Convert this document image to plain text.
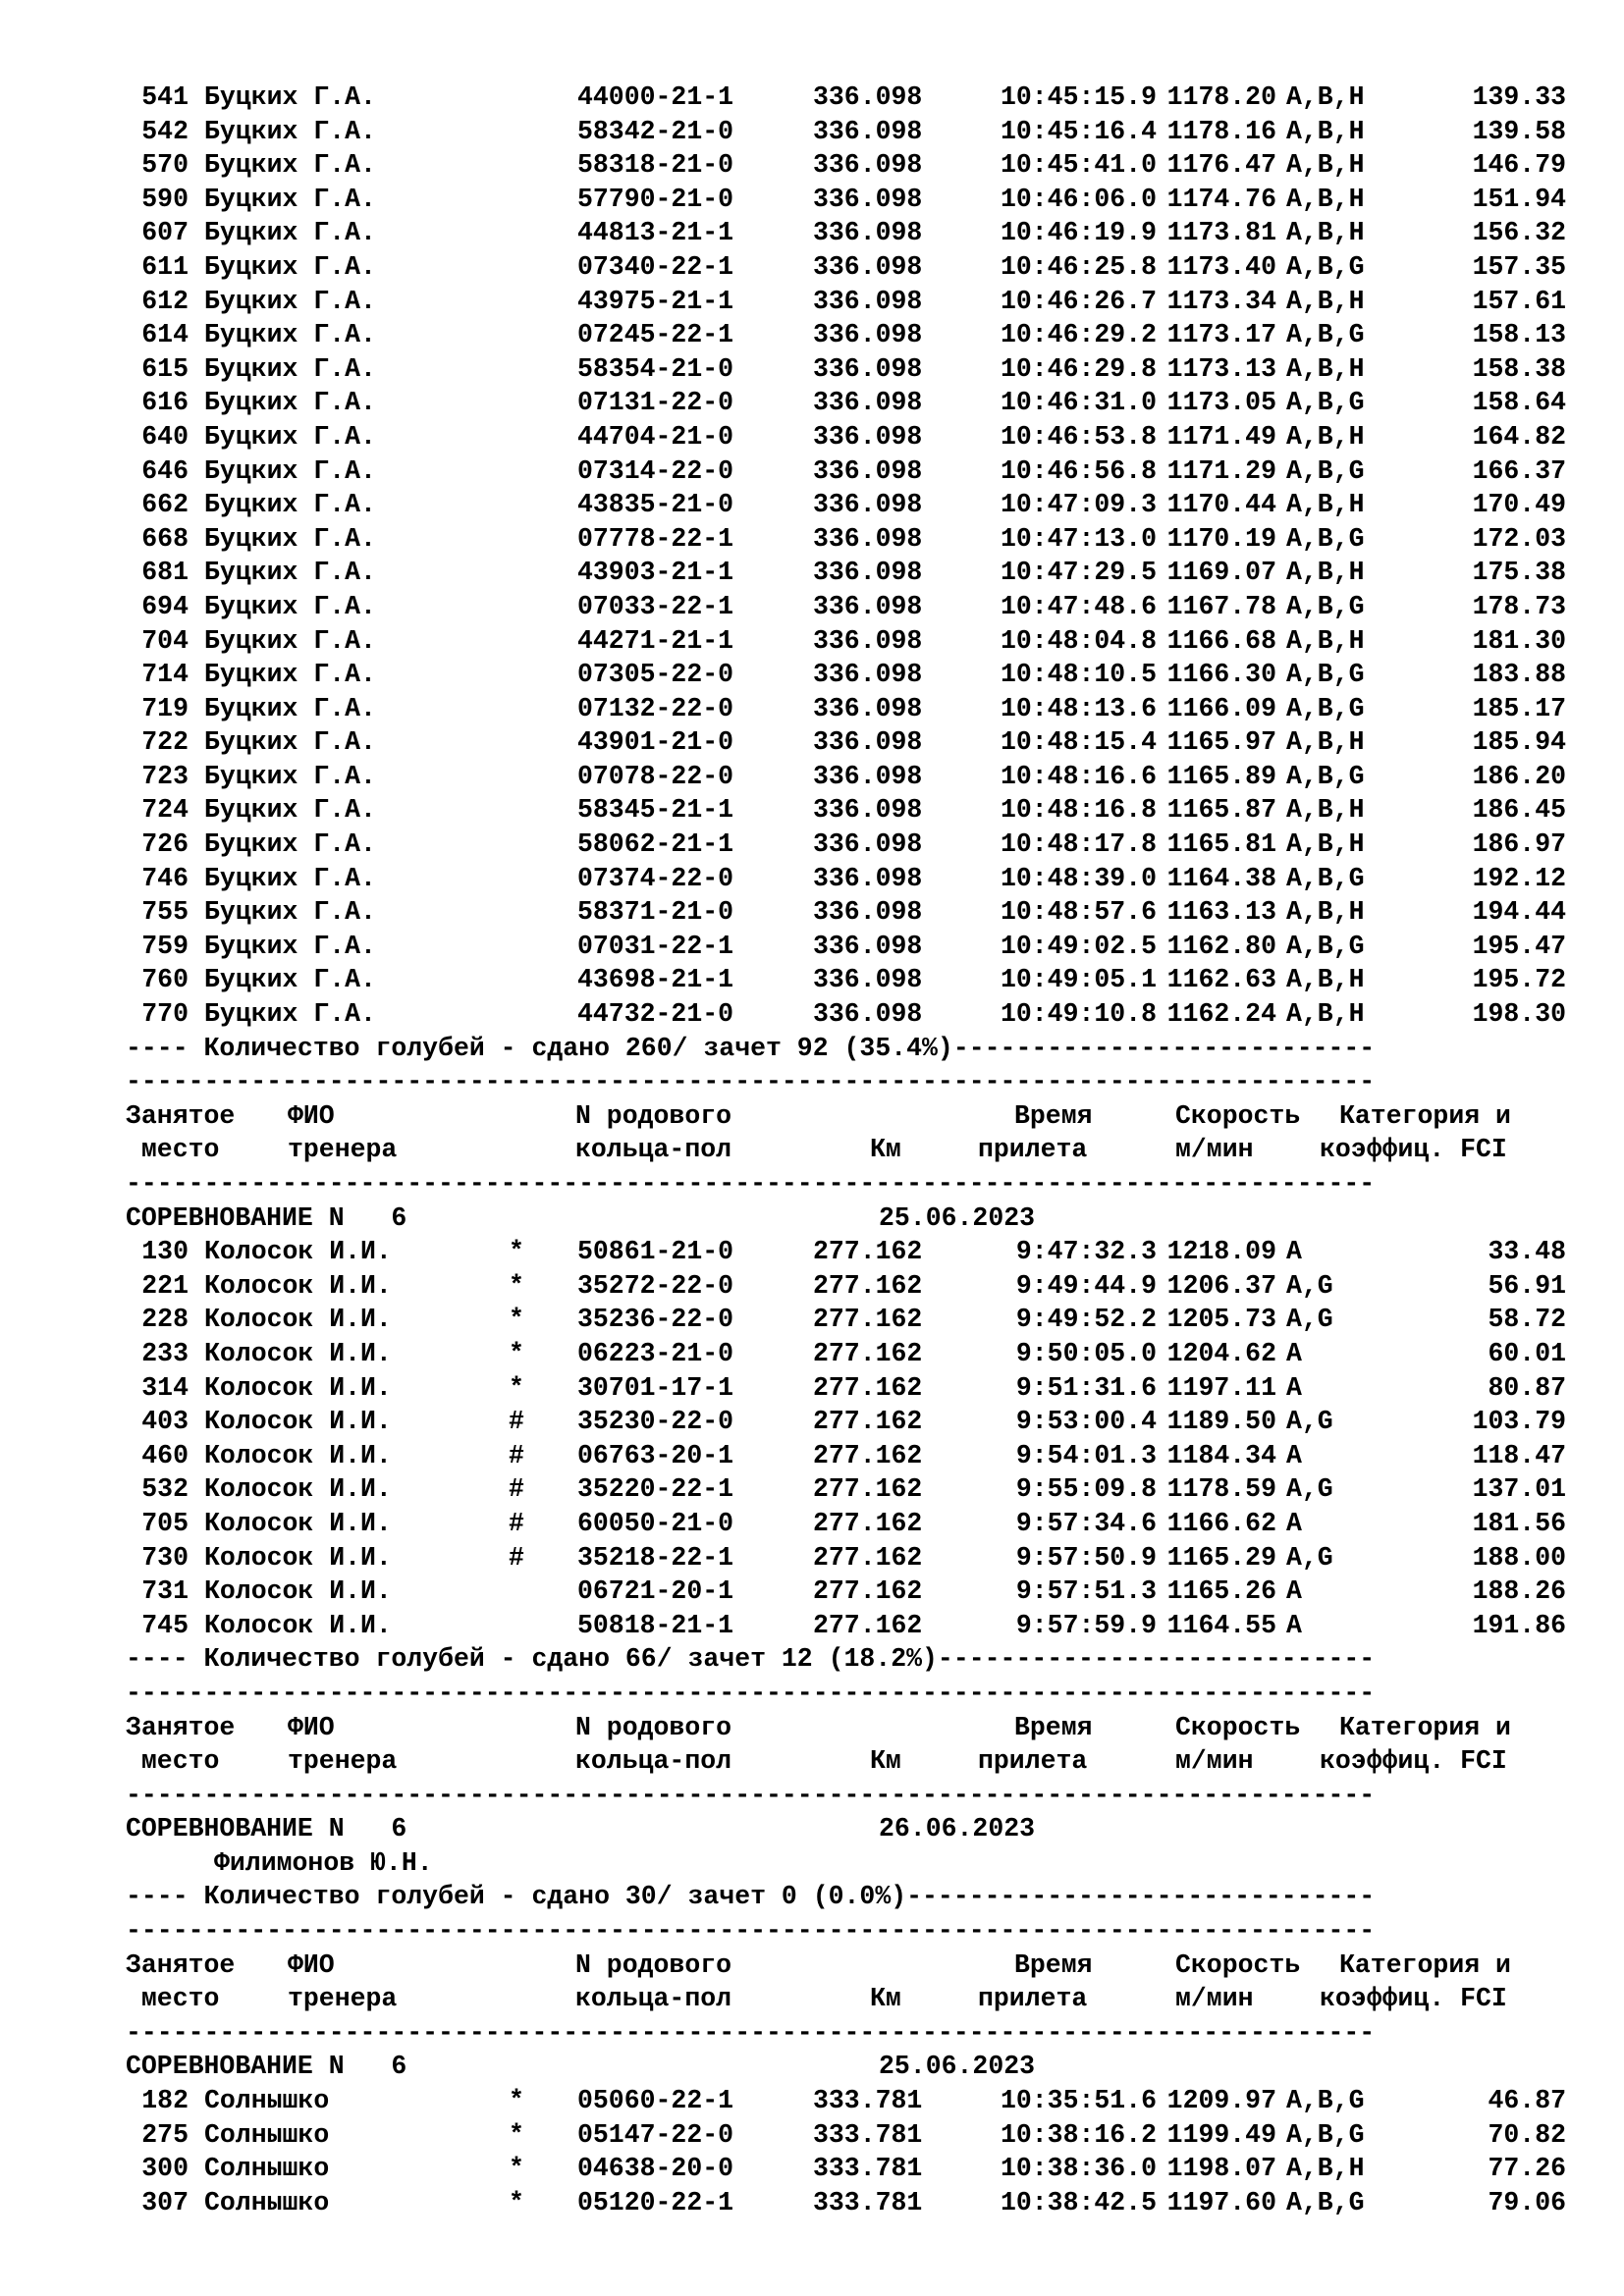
541 Буцких Г.А.	44000-21-1	336.098	10:45:15.9 1178.20 A,B,H	139.33
542 Буцких Г.А.	58342-21-0	336.098	10:45:16.4 1178.16 A,B,H	139.58
570 Буцких Г.А.	58318-21-0	336.098	10:45:41.0 1176.47 A,B,H	146.79
590 Буцких Г.А.	57790-21-0	336.098	10:46:06.0 1174.76 A,B,H	151.94
607 Буцких Г.А.	44813-21-1	336.098	10:46:19.9 1173.81 A,B,H	156.32
611 Буцких Г.А.	07340-22-1	336.098	10:46:25.8 1173.40 A,B,G	157.35
612 Буцких Г.А.	43975-21-1	336.098	10:46:26.7 1173.34 A,B,H	157.61
614 Буцких Г.А.	07245-22-1	336.098	10:46:29.2 1173.17 A,B,G	158.13
615 Буцких Г.А.	58354-21-0	336.098	10:46:29.8 1173.13 A,B,H	158.38
616 Буцких Г.А.	07131-22-0	336.098	10:46:31.0 1173.05 A,B,G	158.64
640 Буцких Г.А.	44704-21-0	336.098	10:46:53.8 1171.49 A,B,H	164.82
646 Буцких Г.А.	07314-22-0	336.098	10:46:56.8 1171.29 A,B,G	166.37
662 Буцких Г.А.	43835-21-0	336.098	10:47:09.3 1170.44 A,B,H	170.49
668 Буцких Г.А.	07778-22-1	336.098	10:47:13.0 1170.19 A,B,G	172.03
681 Буцких Г.А.	43903-21-1	336.098	10:47:29.5 1169.07 A,B,H	175.38
694 Буцких Г.А.	07033-22-1	336.098	10:47:48.6 1167.78 A,B,G	178.73
704 Буцких Г.А.	44271-21-1	336.098	10:48:04.8 1166.68 A,B,H	181.30
714 Буцких Г.А.	07305-22-0	336.098	10:48:10.5 1166.30 A,B,G	183.88
719 Буцких Г.А.	07132-22-0	336.098	10:48:13.6 1166.09 A,B,G	185.17
722 Буцких Г.А.	43901-21-0	336.098	10:48:15.4 1165.97 A,B,H	185.94
723 Буцких Г.А.	07078-22-0	336.098	10:48:16.6 1165.89 A,B,G	186.20
724 Буцких Г.А.	58345-21-1	336.098	10:48:16.8 1165.87 A,B,H	186.45
726 Буцких Г.А.	58062-21-1	336.098	10:48:17.8 1165.81 A,B,H	186.97
746 Буцких Г.А.	07374-22-0	336.098	10:48:39.0 1164.38 A,B,G	192.12
755 Буцких Г.А.	58371-21-0	336.098	10:48:57.6 1163.13 A,B,H	194.44
759 Буцких Г.А.	07031-22-1	336.098	10:49:02.5 1162.80 A,B,G	195.47
760 Буцких Г.А.	43698-21-1	336.098	10:49:05.1 1162.63 A,B,H	195.72
770 Буцких Г.А.	44732-21-0	336.098	10:49:10.8 1162.24 A,B,H	198.30
---- Количество голубей - сдано 260/ зачет 92 (35.4%)---------------------------
--------------------------------------------------------------------------------
Занятое ФИО	N родового	Время	Скорость Категория и
место	тренера	кольца-пол	Км	прилета	м/мин	коэффиц. FCI
--------------------------------------------------------------------------------
СОРЕВНОВАНИЕ N   6	25.06.2023
130 Колосок И.И.	* 50861-21-0	277.162	9:47:32.3 1218.09 A	33.48
221 Колосок И.И.	* 35272-22-0	277.162	9:49:44.9 1206.37 A,G	56.91
228 Колосок И.И.	* 35236-22-0	277.162	9:49:52.2 1205.73 A,G	58.72
233 Колосок И.И.	* 06223-21-0	277.162	9:50:05.0 1204.62 A	60.01
314 Колосок И.И.	* 30701-17-1	277.162	9:51:31.6 1197.11 A	80.87
403 Колосок И.И.	# 35230-22-0	277.162	9:53:00.4 1189.50 A,G	103.79
460 Колосок И.И.	# 06763-20-1	277.162	9:54:01.3 1184.34 A	118.47
532 Колосок И.И.	# 35220-22-1	277.162	9:55:09.8 1178.59 A,G	137.01
705 Колосок И.И.	# 60050-21-0	277.162	9:57:34.6 1166.62 A	181.56
730 Колосок И.И.	# 35218-22-1	277.162	9:57:50.9 1165.29 A,G	188.00
731 Колосок И.И.	06721-20-1	277.162	9:57:51.3 1165.26 A	188.26
745 Колосок И.И.	50818-21-1	277.162	9:57:59.9 1164.55 A	191.86
---- Количество голубей - сдано 66/ зачет 12 (18.2%)----------------------------
--------------------------------------------------------------------------------
Занятое ФИО	N родового	Время	Скорость Категория и
место	тренера	кольца-пол	Км	прилета	м/мин	коэффиц. FCI
--------------------------------------------------------------------------------
СОРЕВНОВАНИЕ N   6	26.06.2023
Филимонов Ю.Н.
---- Количество голубей - сдано 30/ зачет 0 (0.0%)------------------------------
--------------------------------------------------------------------------------
Занятое ФИО	N родового	Время	Скорость Категория и
место	тренера	кольца-пол	Км	прилета	м/мин	коэффиц. FCI
--------------------------------------------------------------------------------
СОРЕВНОВАНИЕ N   6	25.06.2023
182 Солнышко	* 05060-22-1	333.781	10:35:51.6 1209.97 A,B,G	46.87
275 Солнышко	* 05147-22-0	333.781	10:38:16.2 1199.49 A,B,G	70.82
300 Солнышко	* 04638-20-0	333.781	10:38:36.0 1198.07 A,B,H	77.26
307 Солнышко	* 05120-22-1	333.781	10:38:42.5 1197.60 A,B,G	79.06
